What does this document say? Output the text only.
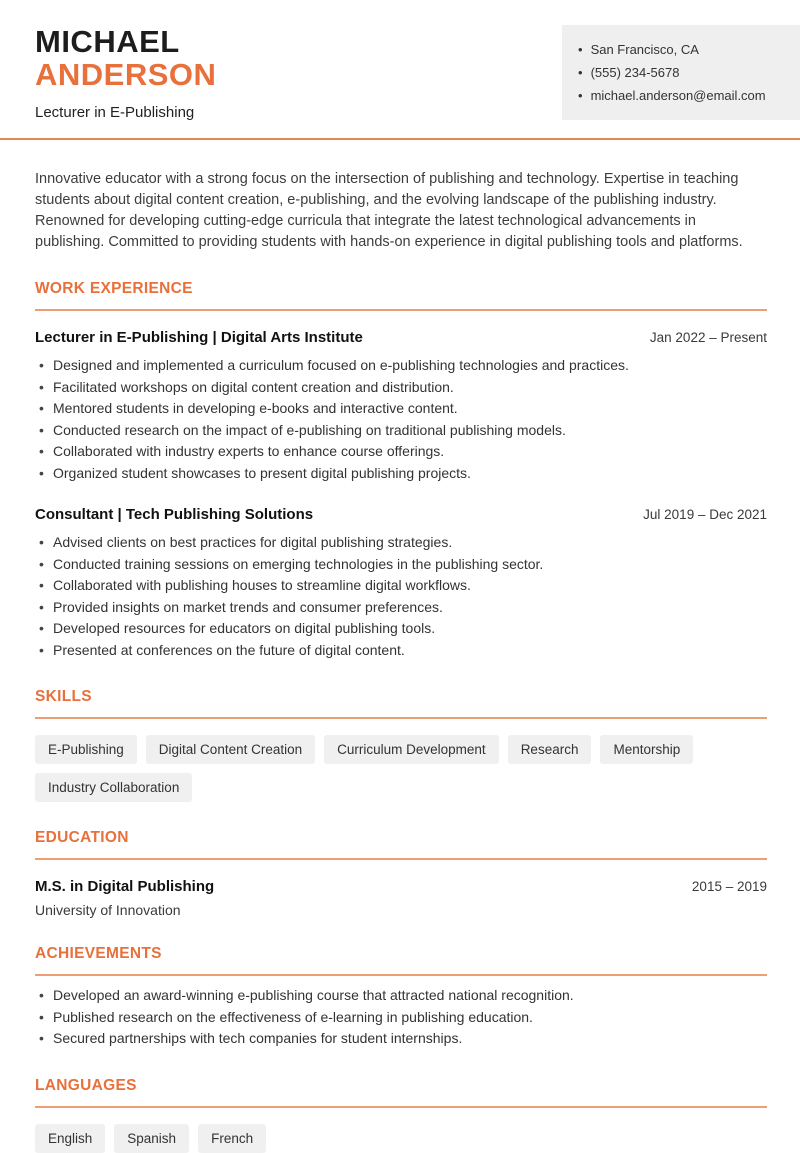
MICHAEL
ANDERSON
Lecturer in E-Publishing
• San Francisco, CA
• (555) 234-5678
• michael.anderson@email.com

Innovative educator with a strong focus on the intersection of publishing and technology. Expertise in teaching students about digital content creation, e-publishing, and the evolving landscape of the publishing industry. Renowned for developing cutting-edge curricula that integrate the latest technological advancements in publishing. Committed to providing students with hands-on experience in digital publishing tools and platforms.

WORK EXPERIENCE
Lecturer in E-Publishing | Digital Arts Institute	Jan 2022 – Present
• Designed and implemented a curriculum focused on e-publishing technologies and practices.
• Facilitated workshops on digital content creation and distribution.
• Mentored students in developing e-books and interactive content.
• Conducted research on the impact of e-publishing on traditional publishing models.
• Collaborated with industry experts to enhance course offerings.
• Organized student showcases to present digital publishing projects.
Consultant | Tech Publishing Solutions	Jul 2019 – Dec 2021
• Advised clients on best practices for digital publishing strategies.
• Conducted training sessions on emerging technologies in the publishing sector.
• Collaborated with publishing houses to streamline digital workflows.
• Provided insights on market trends and consumer preferences.
• Developed resources for educators on digital publishing tools.
• Presented at conferences on the future of digital content.
SKILLS
E-Publishing	Digital Content Creation	Curriculum Development	Research	Mentorship
Industry Collaboration
EDUCATION
M.S. in Digital Publishing	2015 – 2019
University of Innovation
ACHIEVEMENTS
• Developed an award-winning e-publishing course that attracted national recognition.
• Published research on the effectiveness of e-learning in publishing education.
• Secured partnerships with tech companies for student internships.
LANGUAGES
English	Spanish	French
